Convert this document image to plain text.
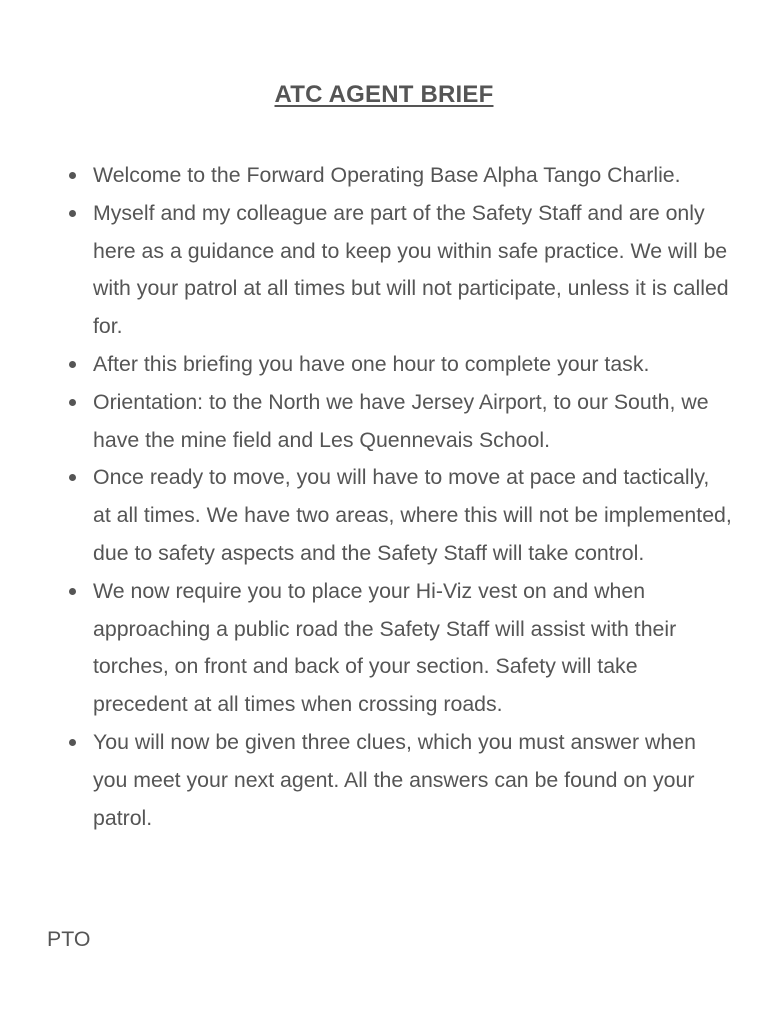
ATC AGENT BRIEF
Welcome to the Forward Operating Base Alpha Tango Charlie.
Myself and my colleague are part of the Safety Staff and are only here as a guidance and to keep you within safe practice. We will be with your patrol at all times but will not participate, unless it is called for.
After this briefing you have one hour to complete your task.
Orientation: to the North we have Jersey Airport, to our South, we have the mine field and Les Quennevais School.
Once ready to move, you will have to move at pace and tactically, at all times. We have two areas, where this will not be implemented, due to safety aspects and the Safety Staff will take control.
We now require you to place your Hi-Viz vest on and when approaching a public road the Safety Staff will assist with their torches, on front and back of your section. Safety will take precedent at all times when crossing roads.
You will now be given three clues, which you must answer when you meet your next agent. All the answers can be found on your patrol.
PTO
